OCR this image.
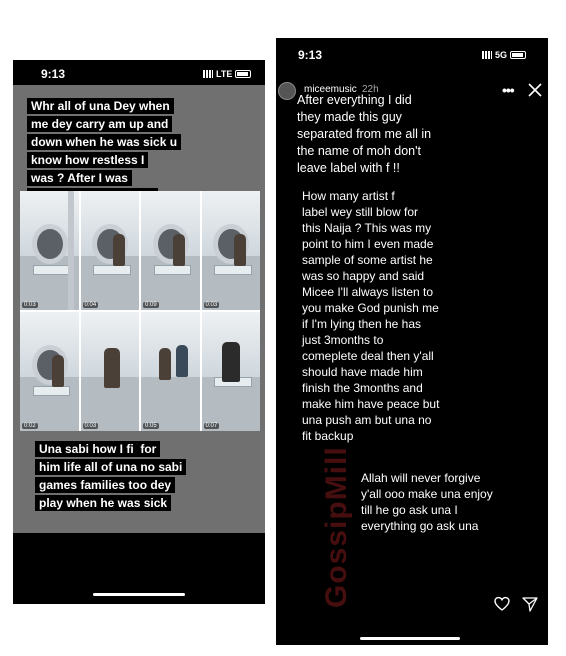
9:13	LTE
Whr all of una Dey when
me dey carry am up and
down when he was sick u
know how restless I
was ? After I was

0:03	0:04	0:09	0:03
0:02	0:03	0:05	0:07
Una sabi how I fi  for
him life all of una no sabi
games families too dey
play when he was sick
9:13	5G
miceemusic 22h	•••
GossipMill
After everything I did
they made this guy
separated from me all in
the name of moh don't
leave label with f !!
How many artist f
label wey still blow for
this Naija ? This was my
point to him I even made
sample of some artist he
was so happy and said
Micee I'll always listen to
you make God punish me
if I'm lying then he has
just 3months to
comeplete deal then y'all
should have made him
finish the 3months and
make him have peace but
una push am but una no
fit backup
Allah will never forgive
y'all ooo make una enjoy
till he go ask una I
everything go ask una
